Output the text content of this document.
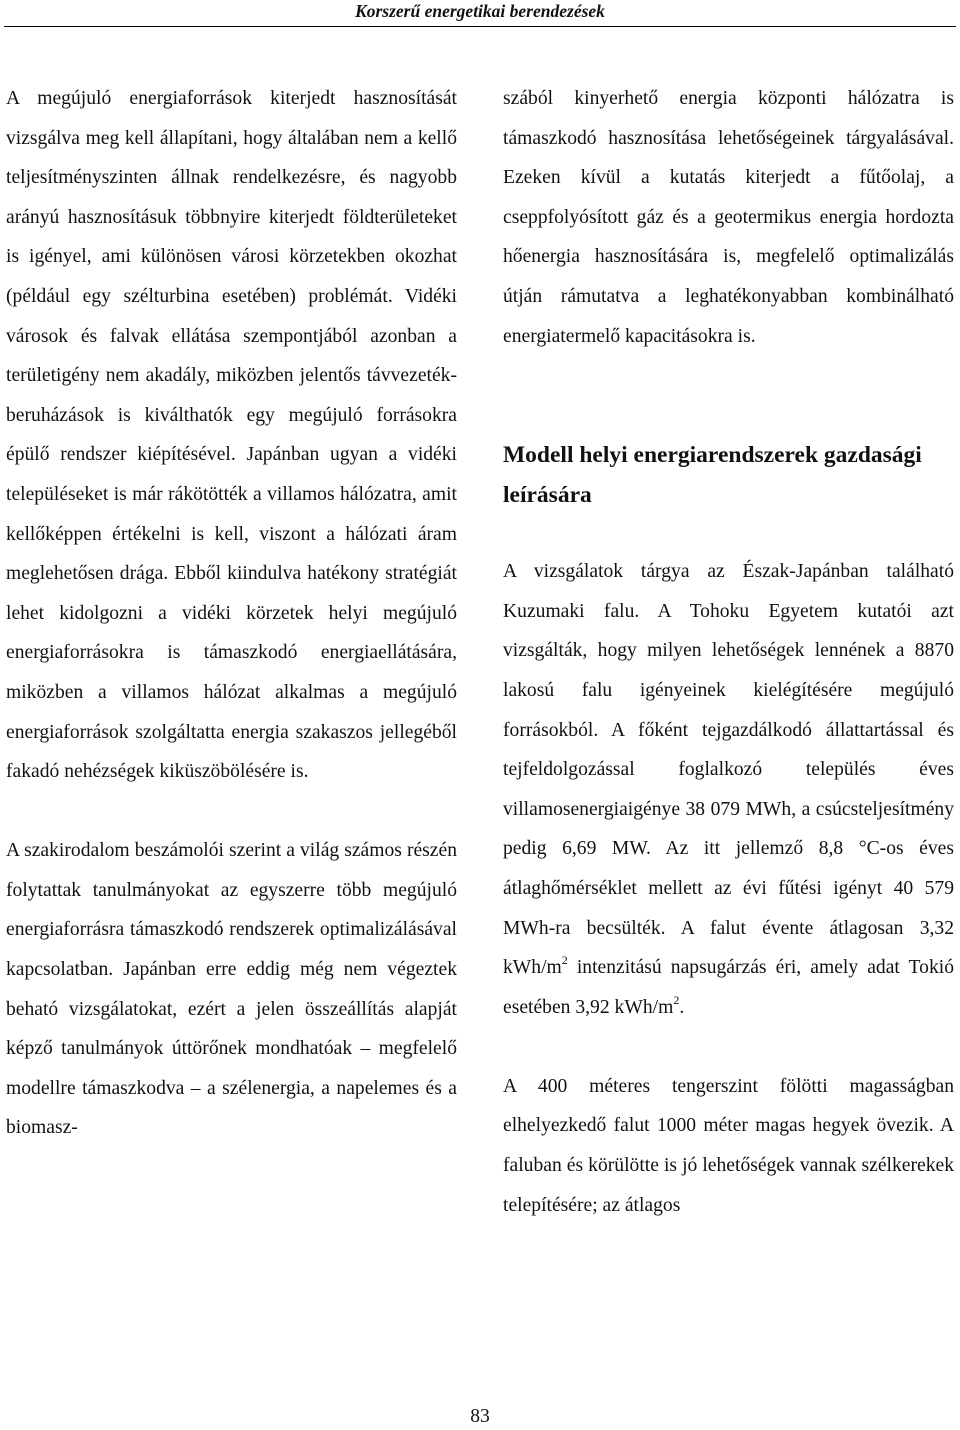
Korszerű energetikai berendezések

A megújuló energiaforrások kiterjedt hasznosítását vizsgálva meg kell állapítani, hogy általában nem a kellő teljesítményszinten állnak rendelkezésre, és nagyobb arányú hasznosításuk többnyire kiterjedt földterületeket is igényel, ami különösen városi körzetekben okozhat (például egy szélturbina esetében) problémát. Vidéki városok és falvak ellátása szempontjából azonban a területigény nem akadály, miközben jelentős távvezeték-beruházások is kiválthatók egy megújuló forrásokra épülő rendszer kiépítésével. Japánban ugyan a vidéki településeket is már rákötötték a villamos hálózatra, amit kellőképpen értékelni is kell, viszont a hálózati áram meglehetősen drága. Ebből kiindulva hatékony stratégiát lehet kidolgozni a vidéki körzetek helyi megújuló energiaforrásokra is támaszkodó energiaellátására, miközben a villamos hálózat alkalmas a megújuló energiaforrások szolgáltatta energia szakaszos jellegéből fakadó nehézségek kiküszöbölésére is.

A szakirodalom beszámolói szerint a világ számos részén folytattak tanulmányokat az egyszerre több megújuló energiaforrásra támaszkodó rendszerek optimalizálásával kapcsolatban. Japánban erre eddig még nem végeztek beható vizsgálatokat, ezért a jelen összeállítás alapját képző tanulmányok úttörőnek mondhatóak – megfelelő modellre támaszkodva – a szélenergia, a napelemes és a biomasz-

szából kinyerhető energia központi hálózatra is támaszkodó hasznosítása lehetőségeinek tárgyalásával. Ezeken kívül a kutatás kiterjedt a fűtőolaj, a cseppfolyósított gáz és a geotermikus energia hordozta hőenergia hasznosítására is, megfelelő optimalizálás útján rámutatva a leghatékonyabban kombinálható energiatermelő kapacitásokra is.

Modell helyi energiarendszerek gazdasági leírására

A vizsgálatok tárgya az Észak-Japánban található Kuzumaki falu. A Tohoku Egyetem kutatói azt vizsgálták, hogy milyen lehetőségek lennének a 8870 lakosú falu igényeinek kielégítésére megújuló forrásokból. A főként tejgazdálkodó állattartással és tejfeldolgozással foglalkozó település éves villamosenergiaigénye 38 079 MWh, a csúcsteljesítmény pedig 6,69 MW. Az itt jellemző 8,8 °C-os éves átlaghőmérséklet mellett az évi fűtési igényt 40 579 MWh-ra becsülték. A falut évente átlagosan 3,32 kWh/$m^2$ intenzitású napsugárzás éri, amely adat Tokió esetében 3,92 kWh/$m^2$.

A 400 méteres tengerszint fölötti magasságban elhelyezkedő falut 1000 méter magas hegyek övezik. A faluban és körülötte is jó lehetőségek vannak szélkerekek telepítésére; az átlagos

83
